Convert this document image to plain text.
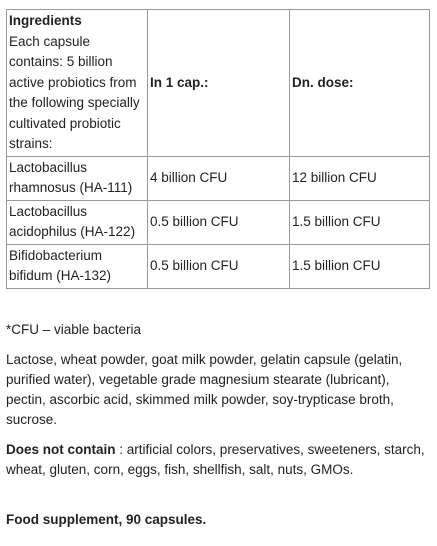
Ingredients
Each capsule contains: 5 billion active probiotics from the following specially cultivated probiotic strains:	In 1 cap.:	Dn. dose:
Lactobacillus rhamnosus (HA-111)	4 billion CFU	12 billion CFU
Lactobacillus acidophilus (HA-122)	0.5 billion CFU	1.5 billion CFU
Bifidobacterium bifidum (HA-132)	0.5 billion CFU	1.5 billion CFU
*CFU – viable bacteria
Lactose, wheat powder, goat milk powder, gelatin capsule (gelatin, purified water), vegetable grade magnesium stearate (lubricant), pectin, ascorbic acid, skimmed milk powder, soy-trypticase broth, sucrose.
Does not contain : artificial colors, preservatives, sweeteners, starch, wheat, gluten, corn, eggs, fish, shellfish, salt, nuts, GMOs.
Food supplement, 90 capsules.
